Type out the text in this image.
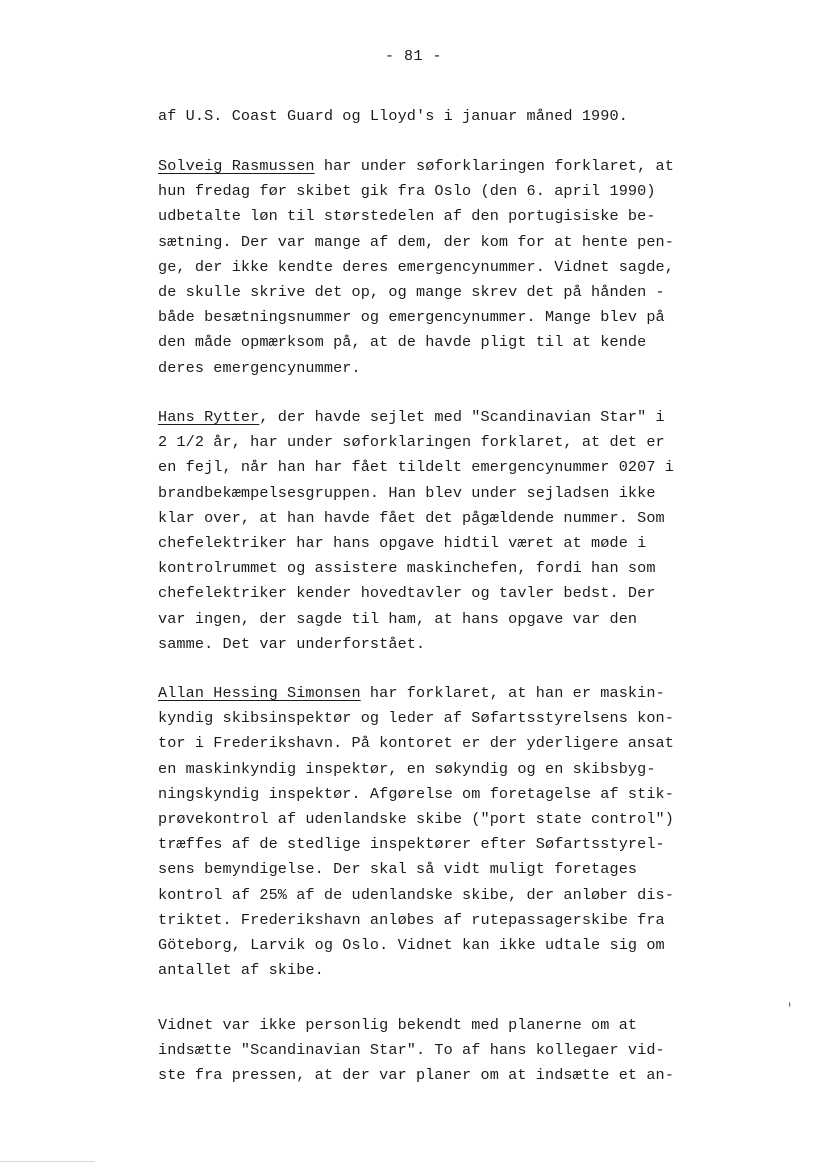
- 81 -
af U.S. Coast Guard og Lloyd's i januar måned 1990.
Solveig Rasmussen har under søforklaringen forklaret, at
hun fredag før skibet gik fra Oslo (den 6. april 1990)
udbetalte løn til størstedelen af den portugisiske be-
sætning. Der var mange af dem, der kom for at hente pen-
ge, der ikke kendte deres emergencynummer. Vidnet sagde,
de skulle skrive det op, og mange skrev det på hånden -
både besætningsnummer og emergencynummer. Mange blev på
den måde opmærksom på, at de havde pligt til at kende
deres emergencynummer.
Hans Rytter, der havde sejlet med "Scandinavian Star" i
2 1/2 år, har under søforklaringen forklaret, at det er
en fejl, når han har fået tildelt emergencynummer 0207 i
brandbekæmpelsesgruppen. Han blev under sejladsen ikke
klar over, at han havde fået det pågældende nummer. Som
chefelektriker har hans opgave hidtil været at møde i
kontrolrummet og assistere maskinchefen, fordi han som
chefelektriker kender hovedtavler og tavler bedst. Der
var ingen, der sagde til ham, at hans opgave var den
samme. Det var underforstået.
Allan Hessing Simonsen har forklaret, at han er maskin-
kyndig skibsinspektør og leder af Søfartsstyrelsens kon-
tor i Frederikshavn. På kontoret er der yderligere ansat
en maskinkyndig inspektør, en søkyndig og en skibsbyg-
ningskyndig inspektør. Afgørelse om foretagelse af stik-
prøvekontrol af udenlandske skibe ("port state control")
træffes af de stedlige inspektører efter Søfartsstyrel-
sens bemyndigelse. Der skal så vidt muligt foretages
kontrol af 25% af de udenlandske skibe, der anløber dis-
triktet. Frederikshavn anløbes af rutepassagerskibe fra
Göteborg, Larvik og Oslo. Vidnet kan ikke udtale sig om
antallet af skibe.
Vidnet var ikke personlig bekendt med planerne om at
indsætte "Scandinavian Star". To af hans kollegaer vid-
ste fra pressen, at der var planer om at indsætte et an-
ᵻ
